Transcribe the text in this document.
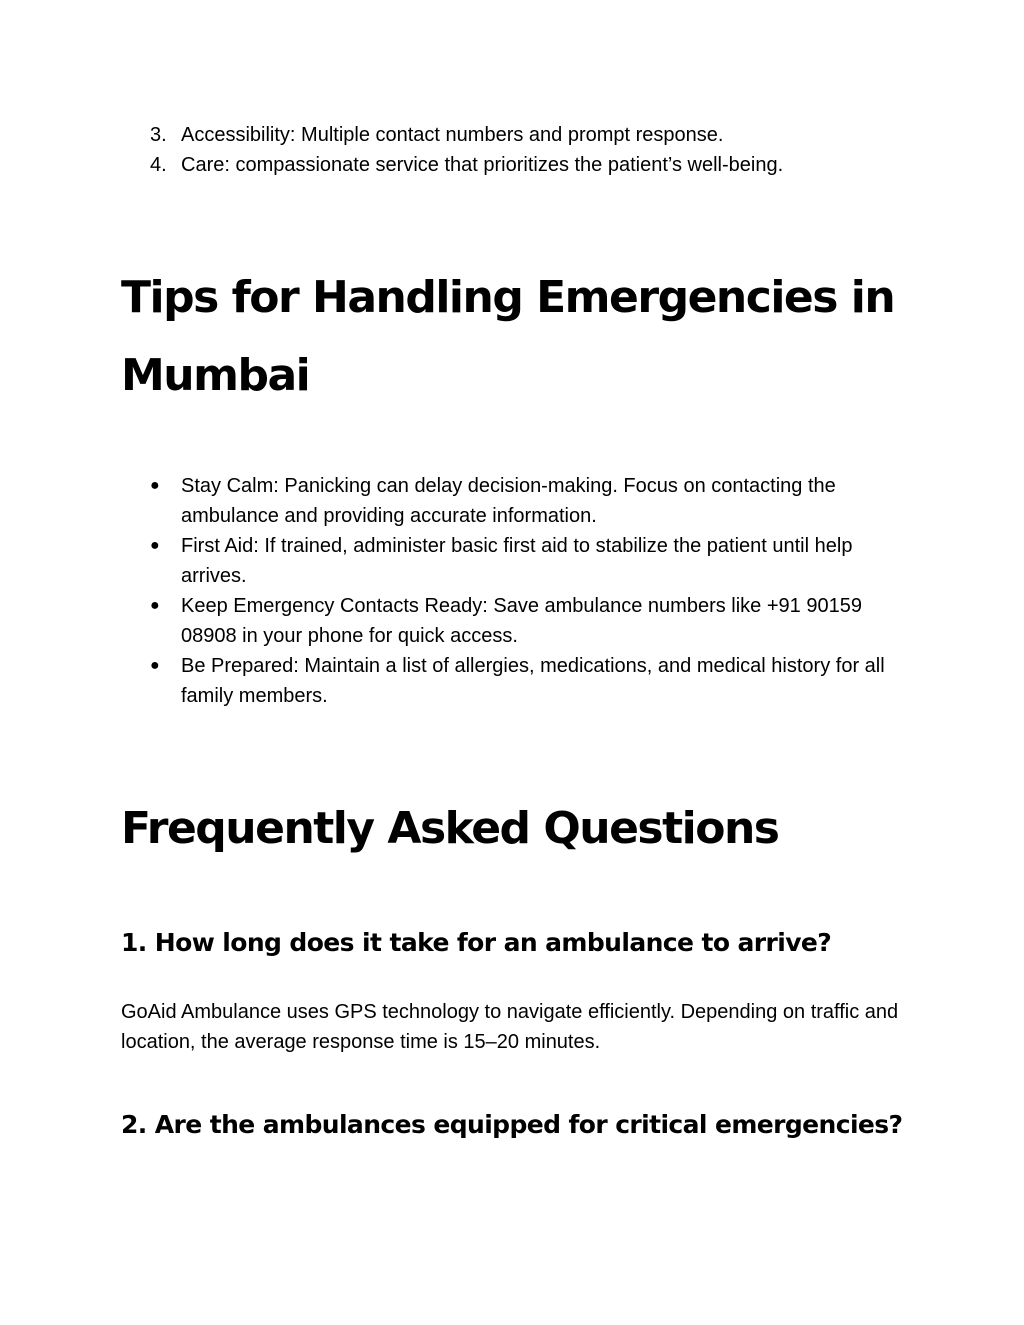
3. Accessibility: Multiple contact numbers and prompt response.
4. Care: compassionate service that prioritizes the patient’s well-being.
Tips for Handling Emergencies in Mumbai
●	Stay Calm: Panicking can delay decision-making. Focus on contacting the ambulance and providing accurate information.
●	First Aid: If trained, administer basic first aid to stabilize the patient until help arrives.
●	Keep Emergency Contacts Ready: Save ambulance numbers like +91 90159 08908 in your phone for quick access.
●	Be Prepared: Maintain a list of allergies, medications, and medical history for all family members.
Frequently Asked Questions
1. How long does it take for an ambulance to arrive?

GoAid Ambulance uses GPS technology to navigate efficiently. Depending on traffic and location, the average response time is 15–20 minutes.

2. Are the ambulances equipped for critical emergencies?
